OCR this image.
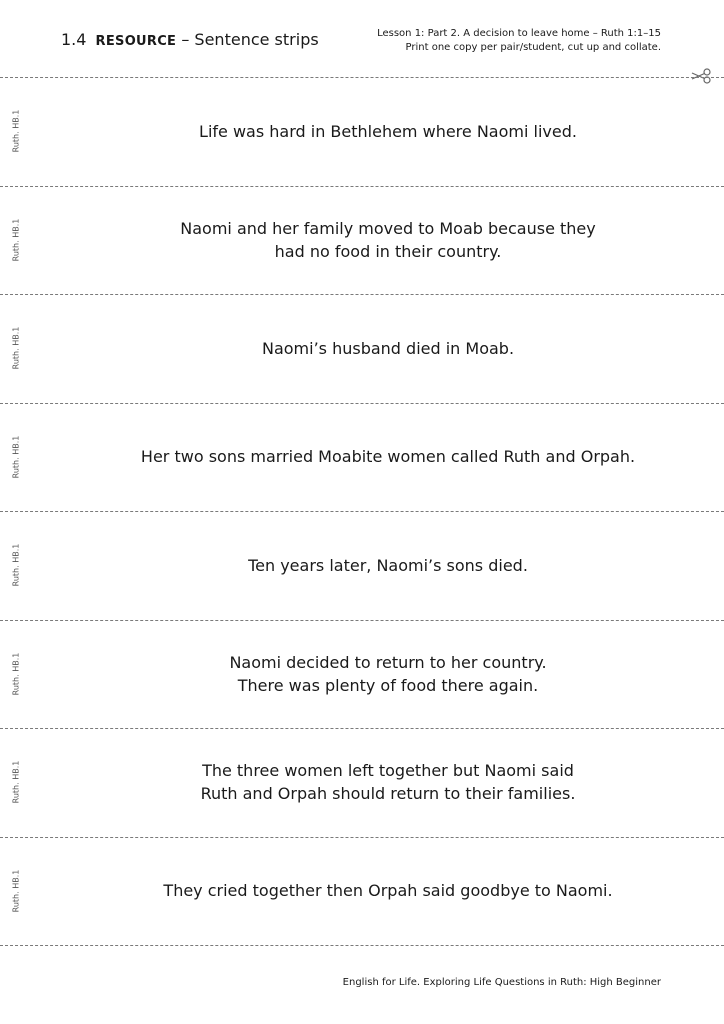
1.4 RESOURCE – Sentence strips	Lesson 1: Part 2. A decision to leave home – Ruth 1:1–15
Print one copy per pair/student, cut up and collate.
Ruth. HB.1	Life was hard in Bethlehem where Naomi lived.
Ruth. HB.1	Naomi and her family moved to Moab because they
had no food in their country.
Ruth. HB.1	Naomi’s husband died in Moab.
Ruth. HB.1	Her two sons married Moabite women called Ruth and Orpah.
Ruth. HB.1	Ten years later, Naomi’s sons died.
Ruth. HB.1	Naomi decided to return to her country.
There was plenty of food there again.
Ruth. HB.1	The three women left together but Naomi said
Ruth and Orpah should return to their families.
Ruth. HB.1	They cried together then Orpah said goodbye to Naomi.
English for Life. Exploring Life Questions in Ruth: High Beginner
